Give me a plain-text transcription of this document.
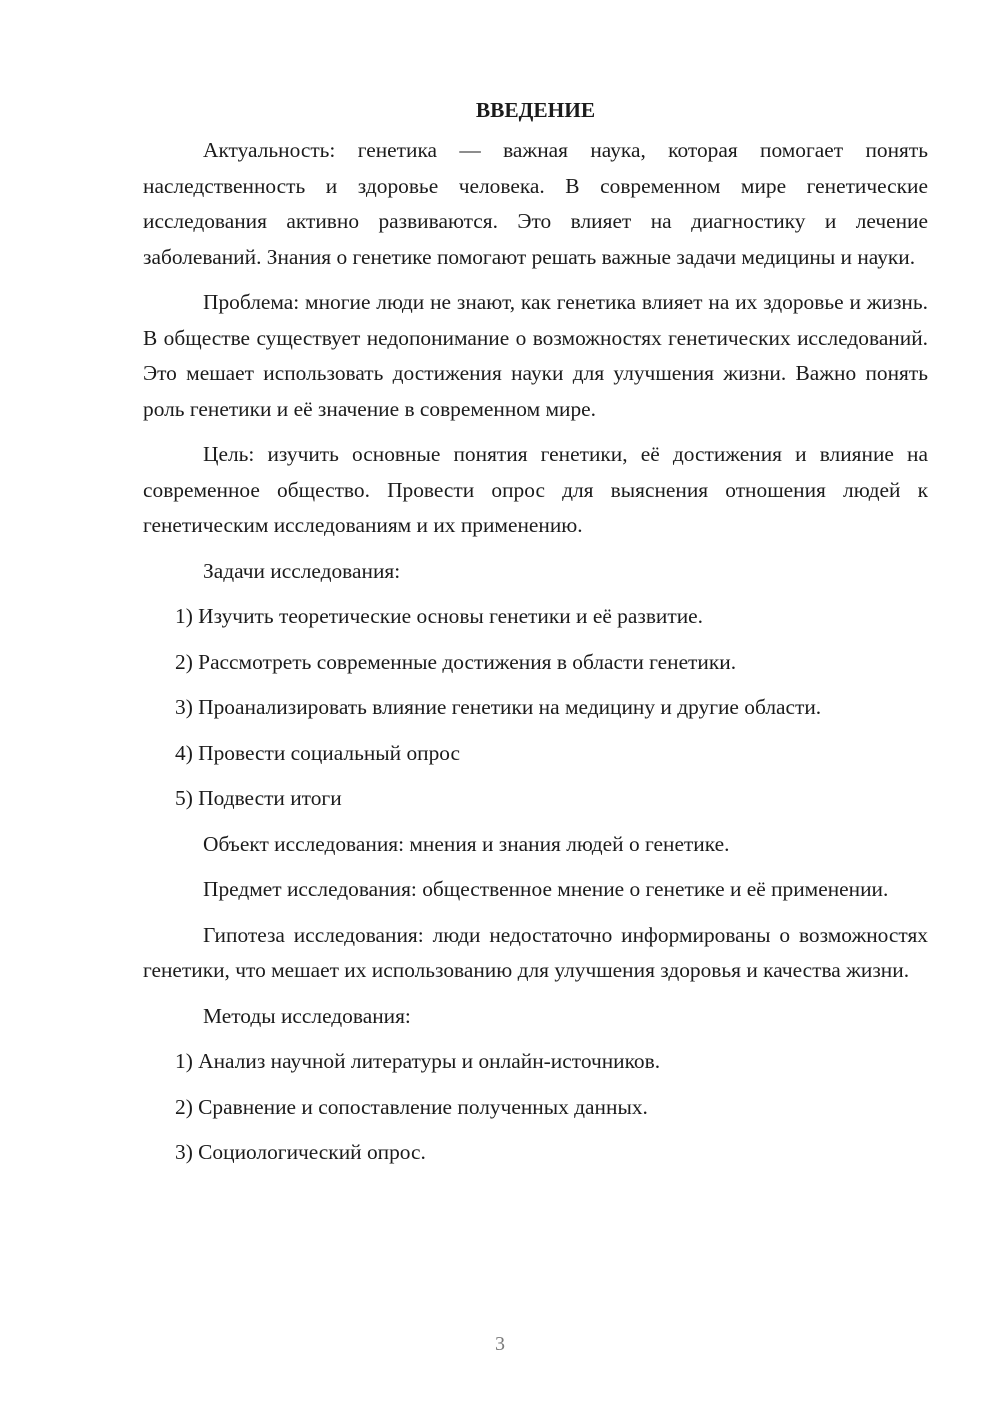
ВВЕДЕНИЕ

Актуальность: генетика — важная наука, которая помогает понять наследственность и здоровье человека. В современном мире генетические исследования активно развиваются. Это влияет на диагностику и лечение заболеваний. Знания о генетике помогают решать важные задачи медицины и науки.

Проблема: многие люди не знают, как генетика влияет на их здоровье и жизнь. В обществе существует недопонимание о возможностях генетических исследований. Это мешает использовать достижения науки для улучшения жизни. Важно понять роль генетики и её значение в современном мире.

Цель: изучить основные понятия генетики, её достижения и влияние на современное общество. Провести опрос для выяснения отношения людей к генетическим исследованиям и их применению.

Задачи исследования:

1) Изучить теоретические основы генетики и её развитие.
2) Рассмотреть современные достижения в области генетики.
3) Проанализировать влияние генетики на медицину и другие области.
4) Провести социальный опрос
5) Подвести итоги

Объект исследования: мнения и знания людей о генетике.

Предмет исследования: общественное мнение о генетике и её применении.

Гипотеза исследования: люди недостаточно информированы о возможностях генетики, что мешает их использованию для улучшения здоровья и качества жизни.

Методы исследования:

1) Анализ научной литературы и онлайн-источников.
2) Сравнение и сопоставление полученных данных.
3) Социологический опрос.
3
